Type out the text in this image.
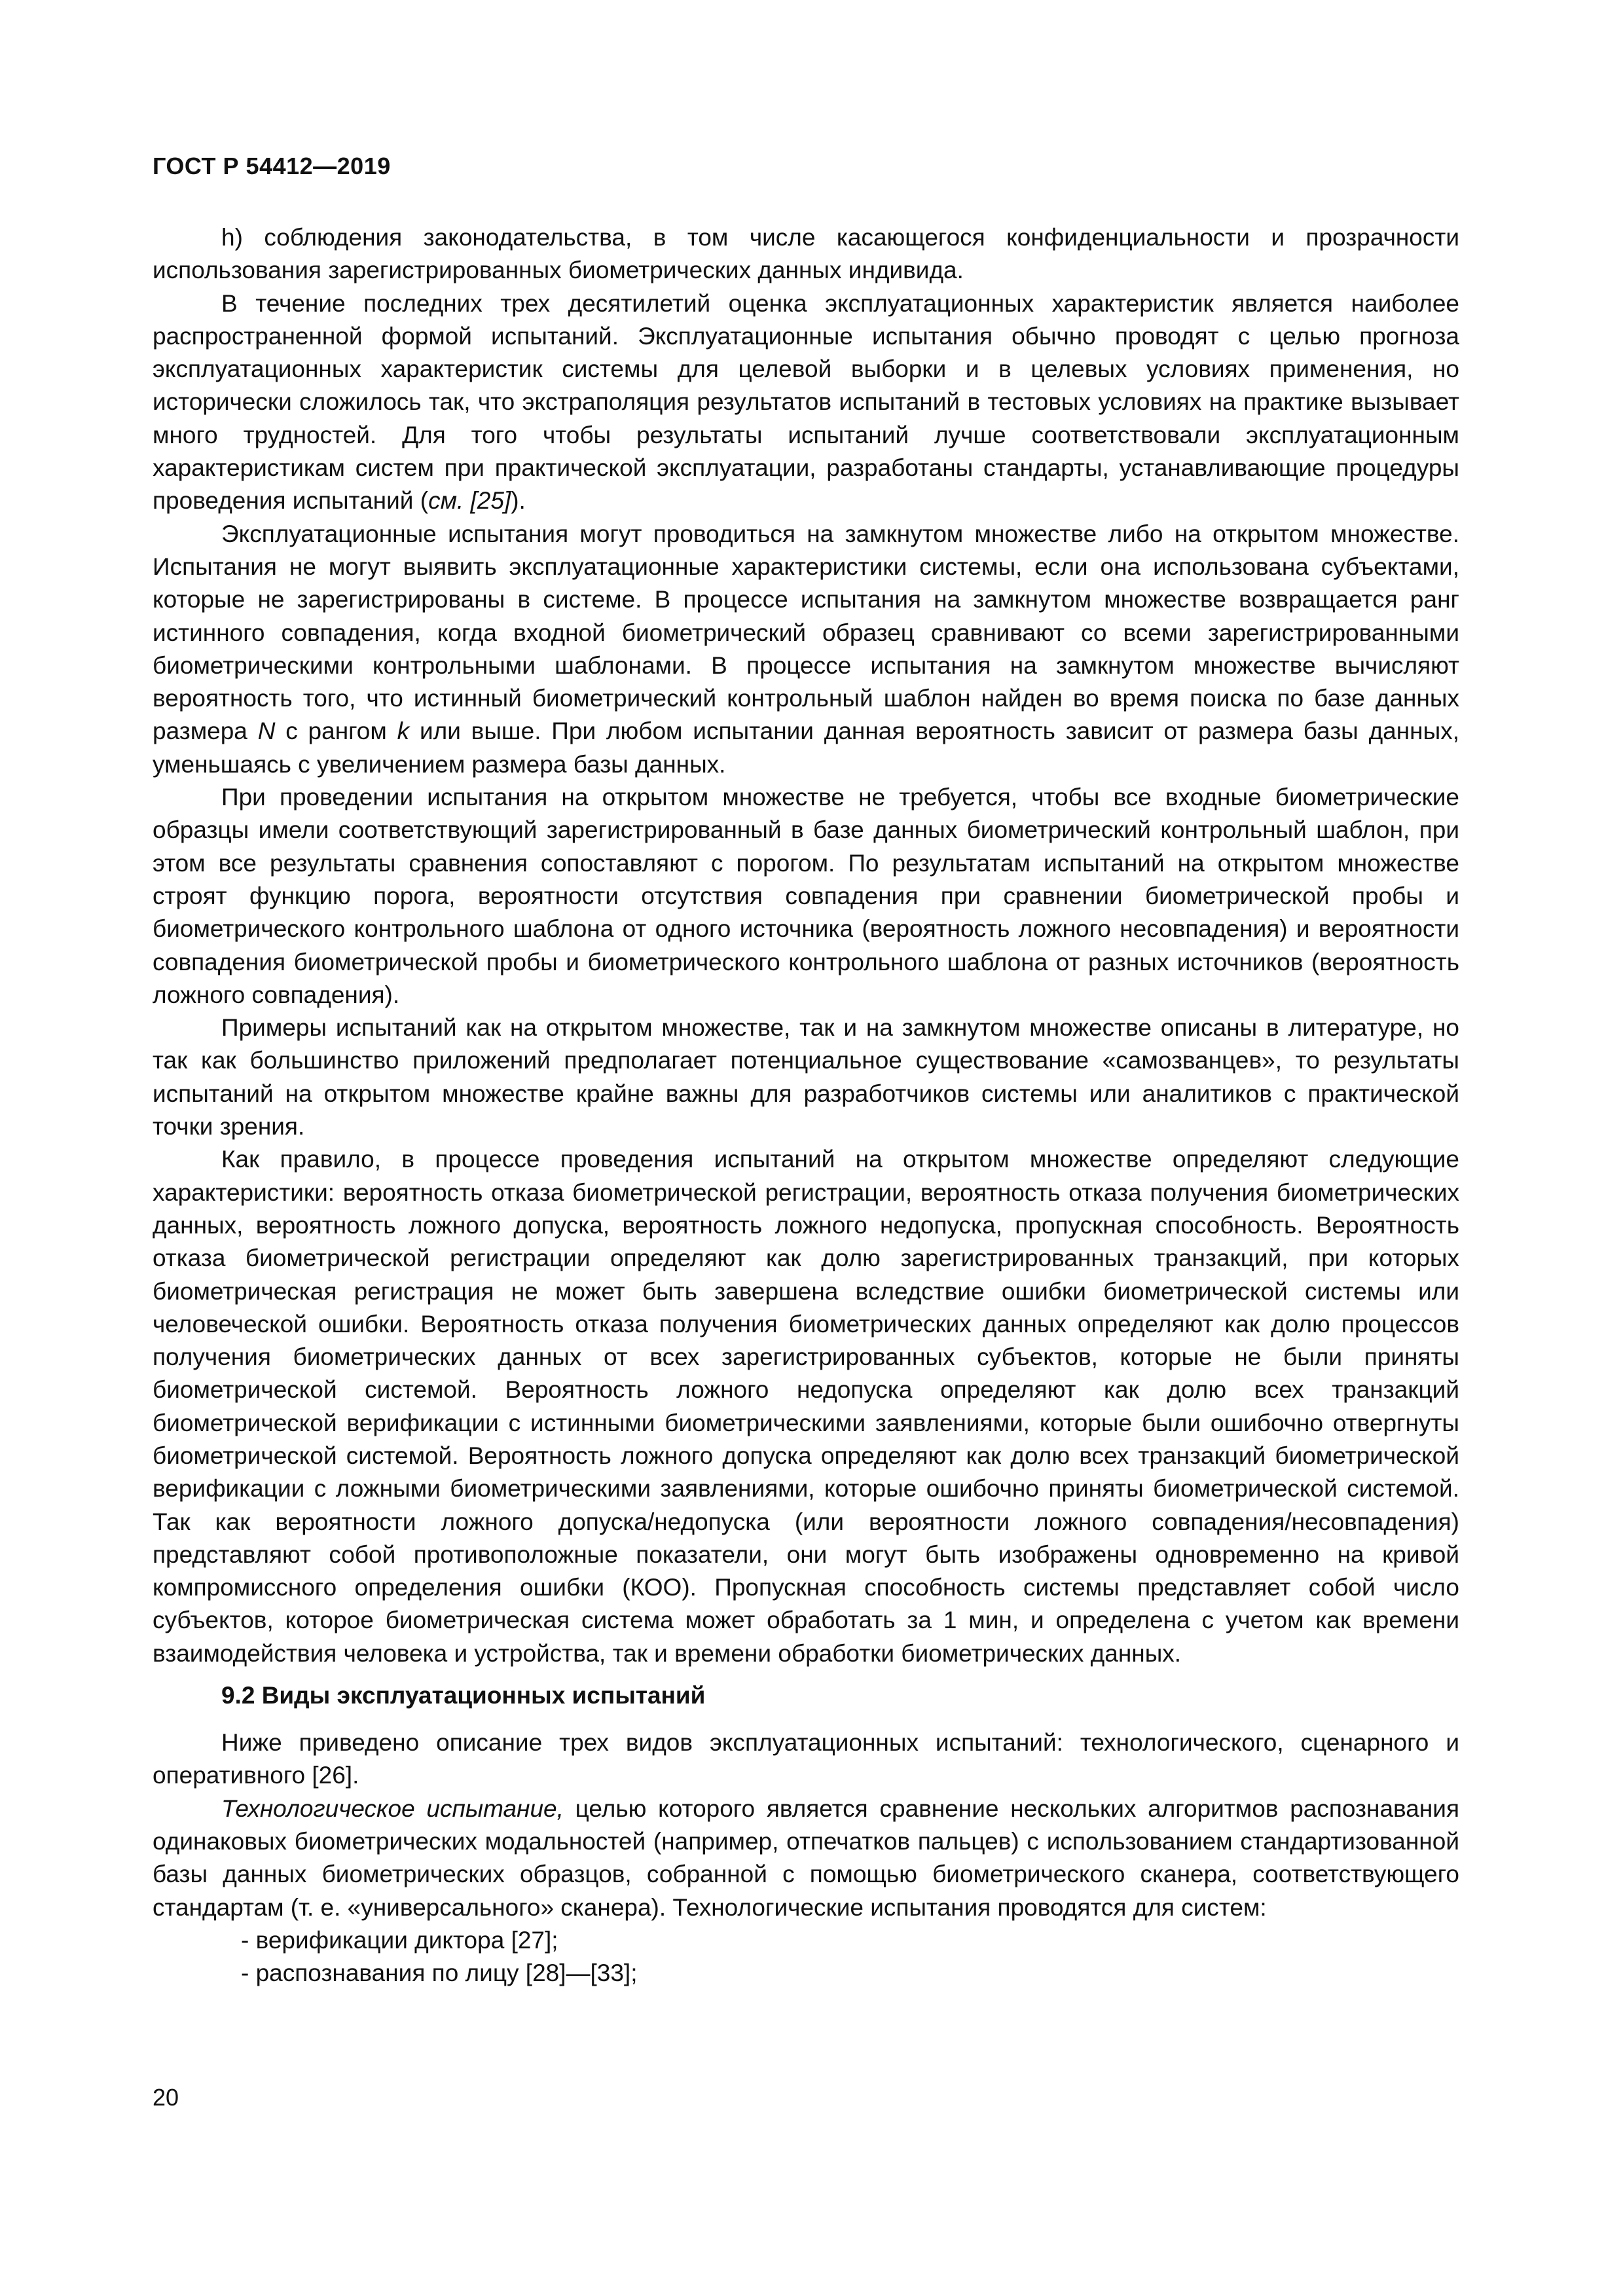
ГОСТ Р 54412—2019

h) соблюдения законодательства, в том числе касающегося конфиденциальности и прозрачности использования зарегистрированных биометрических данных индивида.

В течение последних трех десятилетий оценка эксплуатационных характеристик является наиболее распространенной формой испытаний. Эксплуатационные испытания обычно проводят с целью прогноза эксплуатационных характеристик системы для целевой выборки и в целевых условиях применения, но исторически сложилось так, что экстраполяция результатов испытаний в тестовых условиях на практике вызывает много трудностей. Для того чтобы результаты испытаний лучше соответствовали эксплуатационным характеристикам систем при практической эксплуатации, разработаны стандарты, устанавливающие процедуры проведения испытаний (см. [25]).

Эксплуатационные испытания могут проводиться на замкнутом множестве либо на открытом множестве. Испытания не могут выявить эксплуатационные характеристики системы, если она использована субъектами, которые не зарегистрированы в системе. В процессе испытания на замкнутом множестве возвращается ранг истинного совпадения, когда входной биометрический образец сравнивают со всеми зарегистрированными биометрическими контрольными шаблонами. В процессе испытания на замкнутом множестве вычисляют вероятность того, что истинный биометрический контрольный шаблон найден во время поиска по базе данных размера N с рангом k или выше. При любом испытании данная вероятность зависит от размера базы данных, уменьшаясь с увеличением размера базы данных.

При проведении испытания на открытом множестве не требуется, чтобы все входные биометрические образцы имели соответствующий зарегистрированный в базе данных биометрический контрольный шаблон, при этом все результаты сравнения сопоставляют с порогом. По результатам испытаний на открытом множестве строят функцию порога, вероятности отсутствия совпадения при сравнении биометрической пробы и биометрического контрольного шаблона от одного источника (вероятность ложного несовпадения) и вероятности совпадения биометрической пробы и биометрического контрольного шаблона от разных источников (вероятность ложного совпадения).

Примеры испытаний как на открытом множестве, так и на замкнутом множестве описаны в литературе, но так как большинство приложений предполагает потенциальное существование «самозванцев», то результаты испытаний на открытом множестве крайне важны для разработчиков системы или аналитиков с практической точки зрения.

Как правило, в процессе проведения испытаний на открытом множестве определяют следующие характеристики: вероятность отказа биометрической регистрации, вероятность отказа получения биометрических данных, вероятность ложного допуска, вероятность ложного недопуска, пропускная способность. Вероятность отказа биометрической регистрации определяют как долю зарегистрированных транзакций, при которых биометрическая регистрация не может быть завершена вследствие ошибки биометрической системы или человеческой ошибки. Вероятность отказа получения биометрических данных определяют как долю процессов получения биометрических данных от всех зарегистрированных субъектов, которые не были приняты биометрической системой. Вероятность ложного недопуска определяют как долю всех транзакций биометрической верификации с истинными биометрическими заявлениями, которые были ошибочно отвергнуты биометрической системой. Вероятность ложного допуска определяют как долю всех транзакций биометрической верификации с ложными биометрическими заявлениями, которые ошибочно приняты биометрической системой. Так как вероятности ложного допуска/недопуска (или вероятности ложного совпадения/несовпадения) представляют собой противоположные показатели, они могут быть изображены одновременно на кривой компромиссного определения ошибки (КОО). Пропускная способность системы представляет собой число субъектов, которое биометрическая система может обработать за 1 мин, и определена с учетом как времени взаимодействия человека и устройства, так и времени обработки биометрических данных.

9.2 Виды эксплуатационных испытаний

Ниже приведено описание трех видов эксплуатационных испытаний: технологического, сценарного и оперативного [26].

Технологическое испытание, целью которого является сравнение нескольких алгоритмов распознавания одинаковых биометрических модальностей (например, отпечатков пальцев) с использованием стандартизованной базы данных биометрических образцов, собранной с помощью биометрического сканера, соответствующего стандартам (т. е. «универсального» сканера). Технологические испытания проводятся для систем:

- верификации диктора [27];

- распознавания по лицу [28]—[33];

20
